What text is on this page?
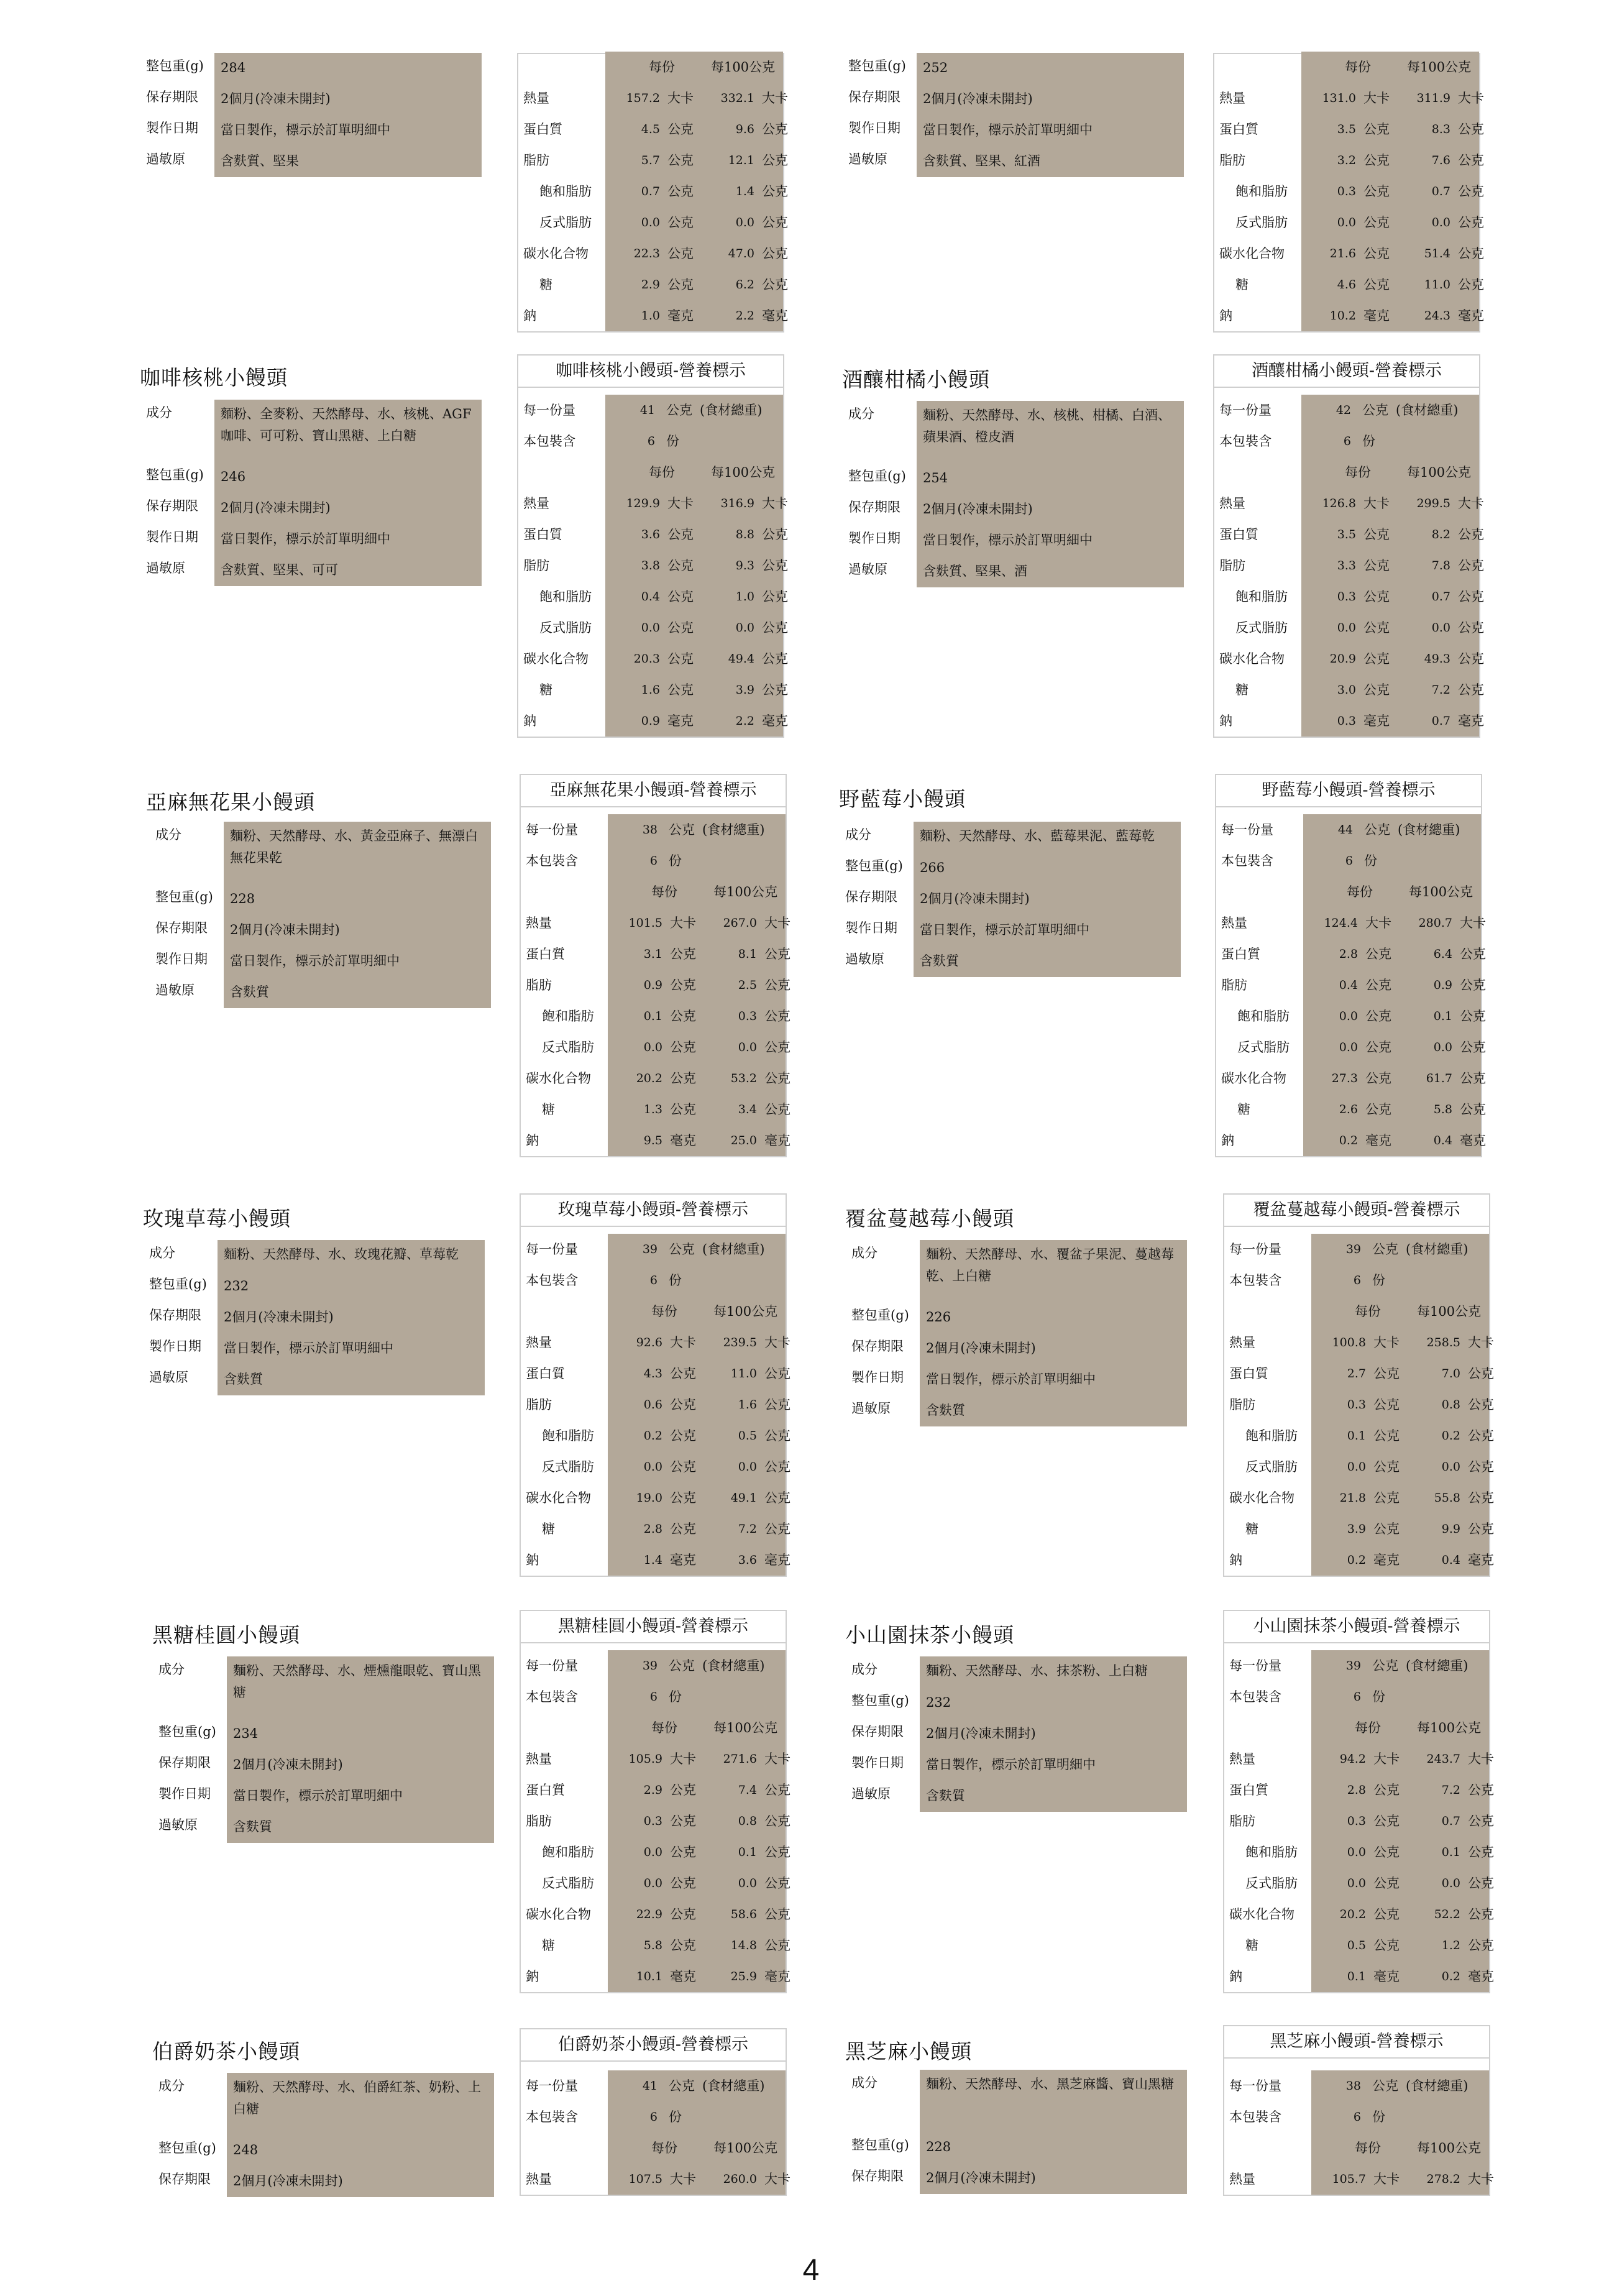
整包重(g)	284
保存期限	2個月(冷凍未開封)
製作日期	當日製作，標示於訂單明細中
過敏原	含麩質、堅果
每份	每100公克
熱量	157.2 大卡	332.1 大卡
蛋白質	4.5 公克	9.6 公克
脂肪	5.7 公克	12.1 公克
飽和脂肪	0.7 公克	1.4 公克
反式脂肪	0.0 公克	0.0 公克
碳水化合物	22.3 公克	47.0 公克
糖	2.9 公克	6.2 公克
鈉	1.0 毫克	2.2 毫克
整包重(g)	252
保存期限	2個月(冷凍未開封)
製作日期	當日製作，標示於訂單明細中
過敏原	含麩質、堅果、紅酒
每份	每100公克
熱量	131.0 大卡	311.9 大卡
蛋白質	3.5 公克	8.3 公克
脂肪	3.2 公克	7.6 公克
飽和脂肪	0.3 公克	0.7 公克
反式脂肪	0.0 公克	0.0 公克
碳水化合物	21.6 公克	51.4 公克
糖	4.6 公克	11.0 公克
鈉	10.2 毫克	24.3 毫克
咖啡核桃小饅頭
成分	麵粉、全麥粉、天然酵母、水、核桃、AGF咖啡、可可粉、寶山黑糖、上白糖
整包重(g)	246
保存期限	2個月(冷凍未開封)
製作日期	當日製作，標示於訂單明細中
過敏原	含麩質、堅果、可可
咖啡核桃小饅頭-營養標示
每一份量	41 公克 (食材總重)
本包裝含	6 份
每份	每100公克
熱量	129.9 大卡	316.9 大卡
蛋白質	3.6 公克	8.8 公克
脂肪	3.8 公克	9.3 公克
飽和脂肪	0.4 公克	1.0 公克
反式脂肪	0.0 公克	0.0 公克
碳水化合物	20.3 公克	49.4 公克
糖	1.6 公克	3.9 公克
鈉	0.9 毫克	2.2 毫克
酒釀柑橘小饅頭
成分	麵粉、天然酵母、水、核桃、柑橘、白酒、蘋果酒、橙皮酒
整包重(g)	254
保存期限	2個月(冷凍未開封)
製作日期	當日製作，標示於訂單明細中
過敏原	含麩質、堅果、酒
酒釀柑橘小饅頭-營養標示
每一份量	42 公克 (食材總重)
本包裝含	6 份
每份	每100公克
熱量	126.8 大卡	299.5 大卡
蛋白質	3.5 公克	8.2 公克
脂肪	3.3 公克	7.8 公克
飽和脂肪	0.3 公克	0.7 公克
反式脂肪	0.0 公克	0.0 公克
碳水化合物	20.9 公克	49.3 公克
糖	3.0 公克	7.2 公克
鈉	0.3 毫克	0.7 毫克
亞麻無花果小饅頭
成分	麵粉、天然酵母、水、黃金亞麻子、無漂白無花果乾
整包重(g)	228
保存期限	2個月(冷凍未開封)
製作日期	當日製作，標示於訂單明細中
過敏原	含麩質
亞麻無花果小饅頭-營養標示
每一份量	38 公克 (食材總重)
本包裝含	6 份
每份	每100公克
熱量	101.5 大卡	267.0 大卡
蛋白質	3.1 公克	8.1 公克
脂肪	0.9 公克	2.5 公克
飽和脂肪	0.1 公克	0.3 公克
反式脂肪	0.0 公克	0.0 公克
碳水化合物	20.2 公克	53.2 公克
糖	1.3 公克	3.4 公克
鈉	9.5 毫克	25.0 毫克
野藍莓小饅頭
成分	麵粉、天然酵母、水、藍莓果泥、藍莓乾
整包重(g)	266
保存期限	2個月(冷凍未開封)
製作日期	當日製作，標示於訂單明細中
過敏原	含麩質
野藍莓小饅頭-營養標示
每一份量	44 公克 (食材總重)
本包裝含	6 份
每份	每100公克
熱量	124.4 大卡	280.7 大卡
蛋白質	2.8 公克	6.4 公克
脂肪	0.4 公克	0.9 公克
飽和脂肪	0.0 公克	0.1 公克
反式脂肪	0.0 公克	0.0 公克
碳水化合物	27.3 公克	61.7 公克
糖	2.6 公克	5.8 公克
鈉	0.2 毫克	0.4 毫克
玫瑰草莓小饅頭
成分	麵粉、天然酵母、水、玫瑰花瓣、草莓乾
整包重(g)	232
保存期限	2個月(冷凍未開封)
製作日期	當日製作，標示於訂單明細中
過敏原	含麩質
玫瑰草莓小饅頭-營養標示
每一份量	39 公克 (食材總重)
本包裝含	6 份
每份	每100公克
熱量	92.6 大卡	239.5 大卡
蛋白質	4.3 公克	11.0 公克
脂肪	0.6 公克	1.6 公克
飽和脂肪	0.2 公克	0.5 公克
反式脂肪	0.0 公克	0.0 公克
碳水化合物	19.0 公克	49.1 公克
糖	2.8 公克	7.2 公克
鈉	1.4 毫克	3.6 毫克
覆盆蔓越莓小饅頭
成分	麵粉、天然酵母、水、覆盆子果泥、蔓越莓乾、上白糖
整包重(g)	226
保存期限	2個月(冷凍未開封)
製作日期	當日製作，標示於訂單明細中
過敏原	含麩質
覆盆蔓越莓小饅頭-營養標示
每一份量	39 公克 (食材總重)
本包裝含	6 份
每份	每100公克
熱量	100.8 大卡	258.5 大卡
蛋白質	2.7 公克	7.0 公克
脂肪	0.3 公克	0.8 公克
飽和脂肪	0.1 公克	0.2 公克
反式脂肪	0.0 公克	0.0 公克
碳水化合物	21.8 公克	55.8 公克
糖	3.9 公克	9.9 公克
鈉	0.2 毫克	0.4 毫克
黑糖桂圓小饅頭
成分	麵粉、天然酵母、水、煙燻龍眼乾、寶山黑糖
整包重(g)	234
保存期限	2個月(冷凍未開封)
製作日期	當日製作，標示於訂單明細中
過敏原	含麩質
黑糖桂圓小饅頭-營養標示
每一份量	39 公克 (食材總重)
本包裝含	6 份
每份	每100公克
熱量	105.9 大卡	271.6 大卡
蛋白質	2.9 公克	7.4 公克
脂肪	0.3 公克	0.8 公克
飽和脂肪	0.0 公克	0.1 公克
反式脂肪	0.0 公克	0.0 公克
碳水化合物	22.9 公克	58.6 公克
糖	5.8 公克	14.8 公克
鈉	10.1 毫克	25.9 毫克
小山園抹茶小饅頭
成分	麵粉、天然酵母、水、抹茶粉、上白糖
整包重(g)	232
保存期限	2個月(冷凍未開封)
製作日期	當日製作，標示於訂單明細中
過敏原	含麩質
小山園抹茶小饅頭-營養標示
每一份量	39 公克 (食材總重)
本包裝含	6 份
每份	每100公克
熱量	94.2 大卡	243.7 大卡
蛋白質	2.8 公克	7.2 公克
脂肪	0.3 公克	0.7 公克
飽和脂肪	0.0 公克	0.1 公克
反式脂肪	0.0 公克	0.0 公克
碳水化合物	20.2 公克	52.2 公克
糖	0.5 公克	1.2 公克
鈉	0.1 毫克	0.2 毫克
伯爵奶茶小饅頭
成分	麵粉、天然酵母、水、伯爵紅茶、奶粉、上白糖
整包重(g)	248
保存期限	2個月(冷凍未開封)
伯爵奶茶小饅頭-營養標示
每一份量	41 公克 (食材總重)
本包裝含	6 份
每份	每100公克
熱量	107.5 大卡	260.0 大卡
黑芝麻小饅頭
成分	麵粉、天然酵母、水、黑芝麻醬、寶山黑糖
整包重(g)	228
保存期限	2個月(冷凍未開封)
黑芝麻小饅頭-營養標示
每一份量	38 公克 (食材總重)
本包裝含	6 份
每份	每100公克
熱量	105.7 大卡	278.2 大卡
4
